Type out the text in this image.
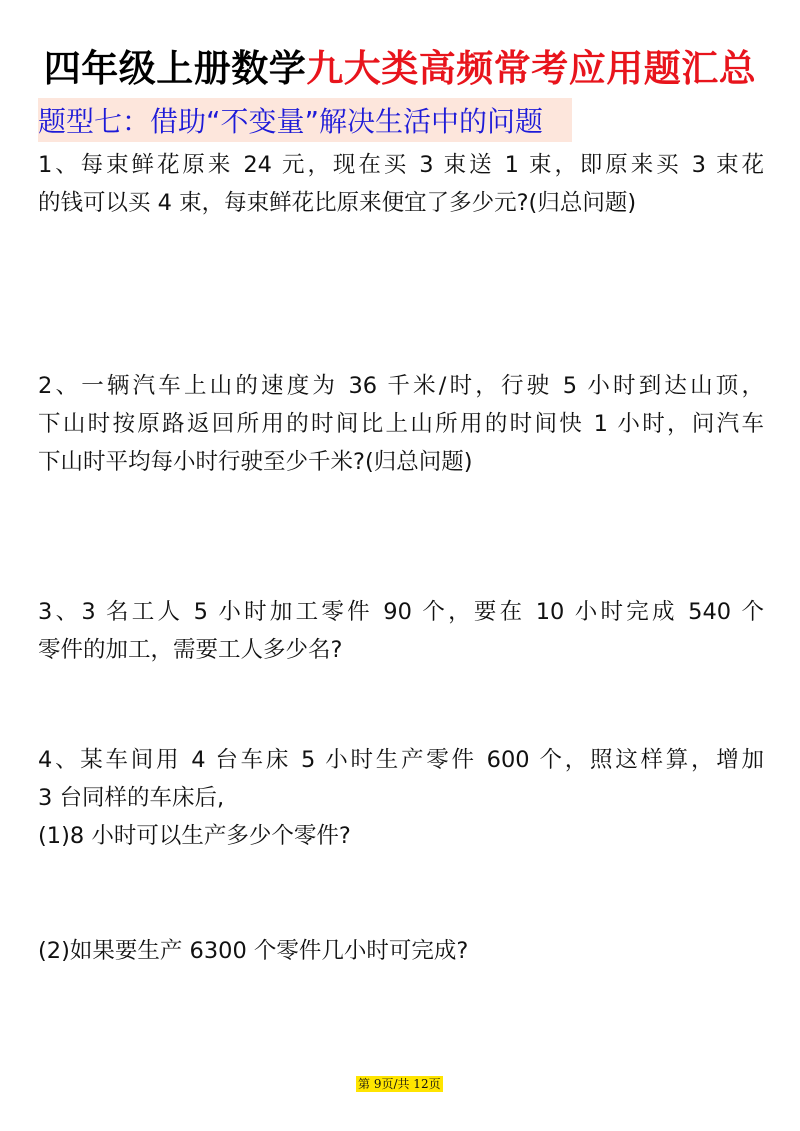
四年级上册数学九大类高频常考应用题汇总
题型七：借助“不变量”解决生活中的问题
1、每束鲜花原来 24 元，现在买 3 束送 1 束，即原来买 3 束花
的钱可以买 4 束，每束鲜花比原来便宜了多少元?(归总问题)
2、一辆汽车上山的速度为 36 千米/时，行驶 5 小时到达山顶，
下山时按原路返回所用的时间比上山所用的时间快 1 小时，问汽车
下山时平均每小时行驶至少千米?(归总问题)
3、3 名工人 5 小时加工零件 90 个，要在 10 小时完成 540 个
零件的加工，需要工人多少名?
4、某车间用 4 台车床 5 小时生产零件 600 个，照这样算，增加
3 台同样的车床后,
(1)8 小时可以生产多少个零件?
(2)如果要生产 6300 个零件几小时可完成?
第 9页/共 12页
